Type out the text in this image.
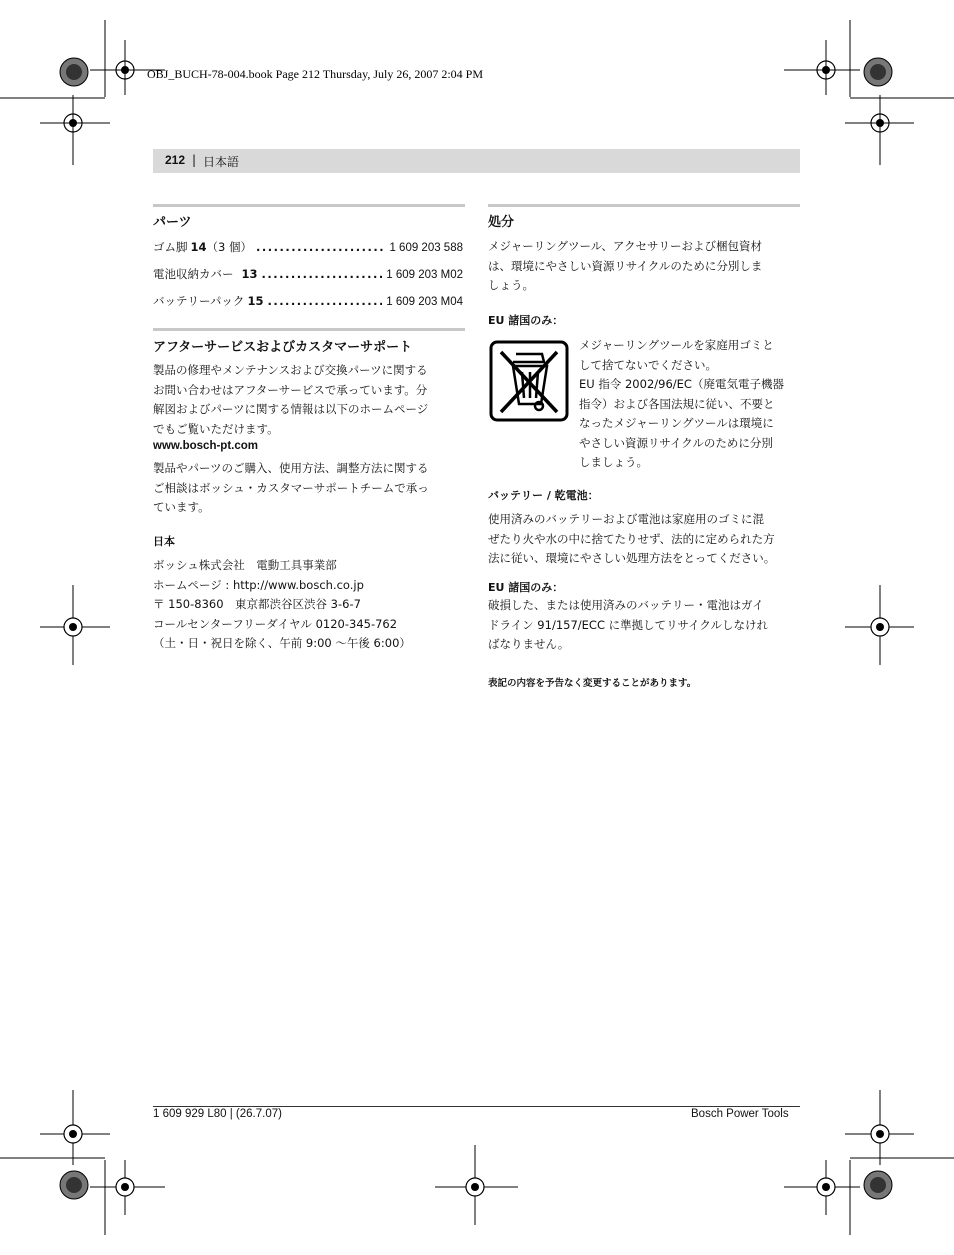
OBJ_BUCH-78-004.book Page 212 Thursday, July 26, 2007 2:04 PM
212 | 日本語
パーツ
ゴム脚 14 （3 個） .....	1 609 203 588
電池収納カバー 13 .....	1 609 203 M02
バッテリーパック 15 .....	1 609 203 M04
アフターサービスおよびカスタマーサポート
製品の修理やメンテナンスおよび交換パーツに関する
お問い合わせはアフターサービスで承っています。分
解図およびパーツに関する情報は以下のホームページ
でもご覧いただけます。
www.bosch-pt.com
製品やパーツのご購入、使用方法、調整方法に関する
ご相談はボッシュ・カスタマーサポートチームで承っ
ています。
日本
ボッシュ株式会社　電動工具事業部
ホームページ : http://www.bosch.co.jp
〒 150-8360　東京都渋谷区渋谷 3-6-7
コールセンターフリーダイヤル 0120-345-762
（土・日・祝日を除く、午前 9:00 〜午後 6:00）
処分
メジャーリングツール、アクセサリーおよび梱包資材
は、環境にやさしい資源リサイクルのために分別しま
しょう。
EU 諸国のみ：
メジャーリングツールを家庭用ゴミと
して捨てないでください。
EU 指令 2002/96/EC（廃電気電子機器
指令）および各国法規に従い、不要と
なったメジャーリングツールは環境に
やさしい資源リサイクルのために分別
しましょう。
バッテリー / 乾電池：
使用済みのバッテリーおよび電池は家庭用のゴミに混
ぜたり火や水の中に捨てたりせず、法的に定められた方
法に従い、環境にやさしい処理方法をとってください。
EU 諸国のみ：
破損した、または使用済みのバッテリー・電池はガイ
ドライン 91/157/ECC に準拠してリサイクルしなけれ
ばなりません。
表記の内容を予告なく変更することがあります。
1 609 929 L80 | (26.7.07)	Bosch Power Tools
